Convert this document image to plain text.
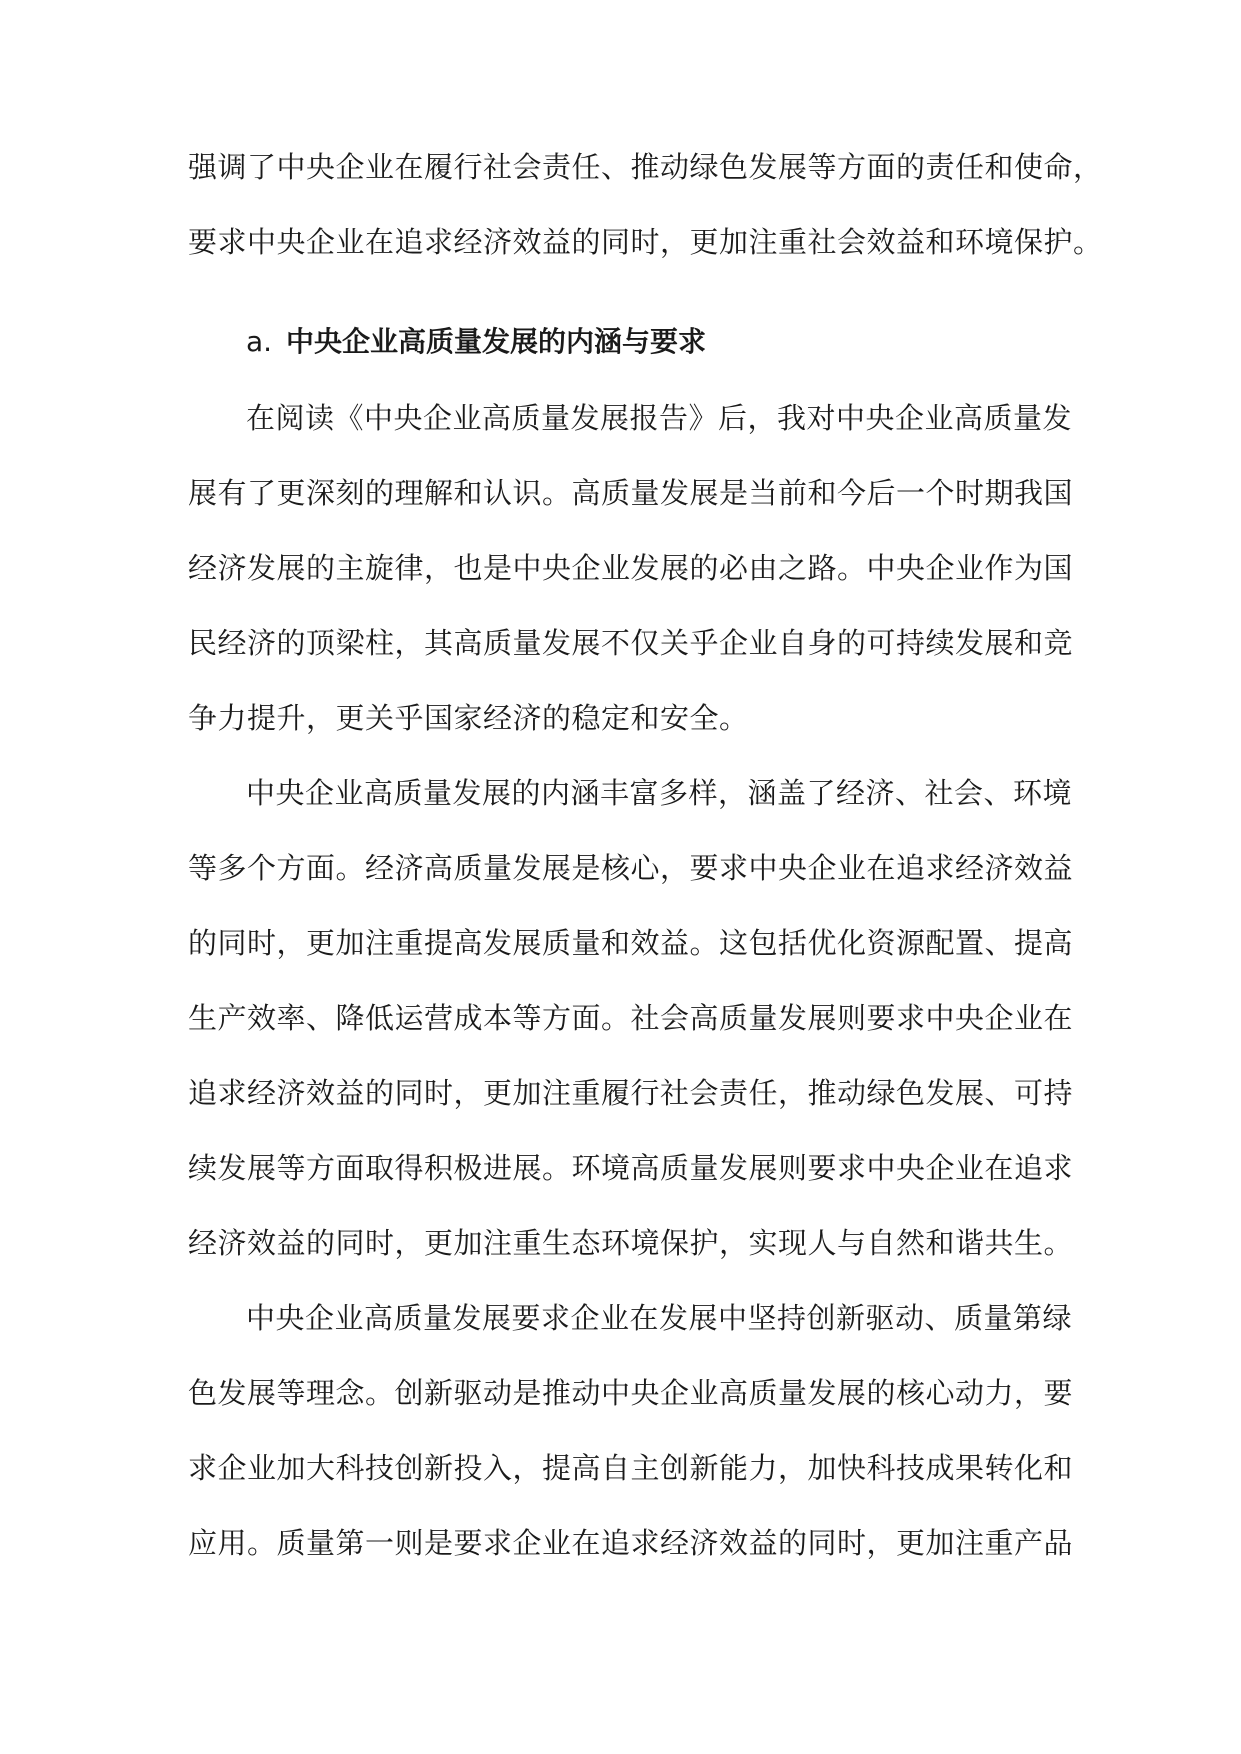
强调了中央企业在履行社会责任、推动绿色发展等方面的责任和使命，
要求中央企业在追求经济效益的同时，更加注重社会效益和环境保护。
a. 中央企业高质量发展的内涵与要求
在阅读《中央企业高质量发展报告》后，我对中央企业高质量发
展有了更深刻的理解和认识。高质量发展是当前和今后一个时期我国
经济发展的主旋律，也是中央企业发展的必由之路。中央企业作为国
民经济的顶梁柱，其高质量发展不仅关乎企业自身的可持续发展和竞
争力提升，更关乎国家经济的稳定和安全。
中央企业高质量发展的内涵丰富多样，涵盖了经济、社会、环境
等多个方面。经济高质量发展是核心，要求中央企业在追求经济效益
的同时，更加注重提高发展质量和效益。这包括优化资源配置、提高
生产效率、降低运营成本等方面。社会高质量发展则要求中央企业在
追求经济效益的同时，更加注重履行社会责任，推动绿色发展、可持
续发展等方面取得积极进展。环境高质量发展则要求中央企业在追求
经济效益的同时，更加注重生态环境保护，实现人与自然和谐共生。
中央企业高质量发展要求企业在发展中坚持创新驱动、质量第绿
色发展等理念。创新驱动是推动中央企业高质量发展的核心动力，要
求企业加大科技创新投入，提高自主创新能力，加快科技成果转化和
应用。质量第一则是要求企业在追求经济效益的同时，更加注重产品
